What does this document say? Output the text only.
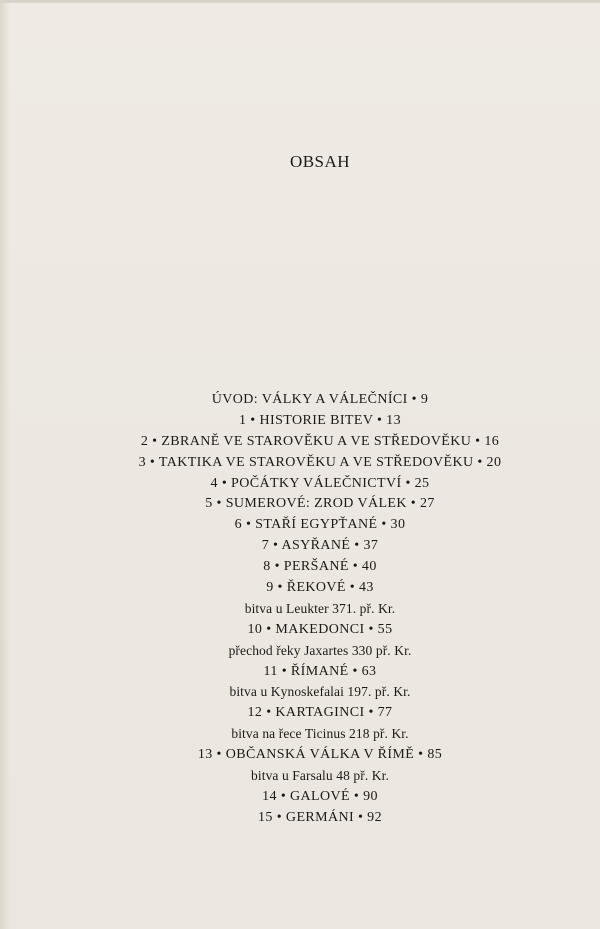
OBSAH
ÚVOD: VÁLKY A VÁLEČNÍCI • 9
1 • HISTORIE BITEV • 13
2 • ZBRANĚ VE STAROVĚKU A VE STŘEDOVĚKU • 16
3 • TAKTIKA VE STAROVĚKU A VE STŘEDOVĚKU • 20
4 • POČÁTKY VÁLEČNICTVÍ • 25
5 • SUMEROVÉ: ZROD VÁLEK • 27
6 • STAŘÍ EGYPŤANÉ • 30
7 • ASYŘANÉ • 37
8 • PERŠANÉ • 40
9 • ŘEKOVÉ • 43
bitva u Leukter 371. př. Kr.
10 • MAKEDONCI • 55
přechod řeky Jaxartes 330 př. Kr.
11 • ŘÍMANÉ • 63
bitva u Kynoskefalai 197. př. Kr.
12 • KARTAGINCI • 77
bitva na řece Ticinus 218 př. Kr.
13 • OBČANSKÁ VÁLKA V ŘÍMĚ • 85
bitva u Farsalu 48 př. Kr.
14 • GALOVÉ • 90
15 • GERMÁNI • 92
